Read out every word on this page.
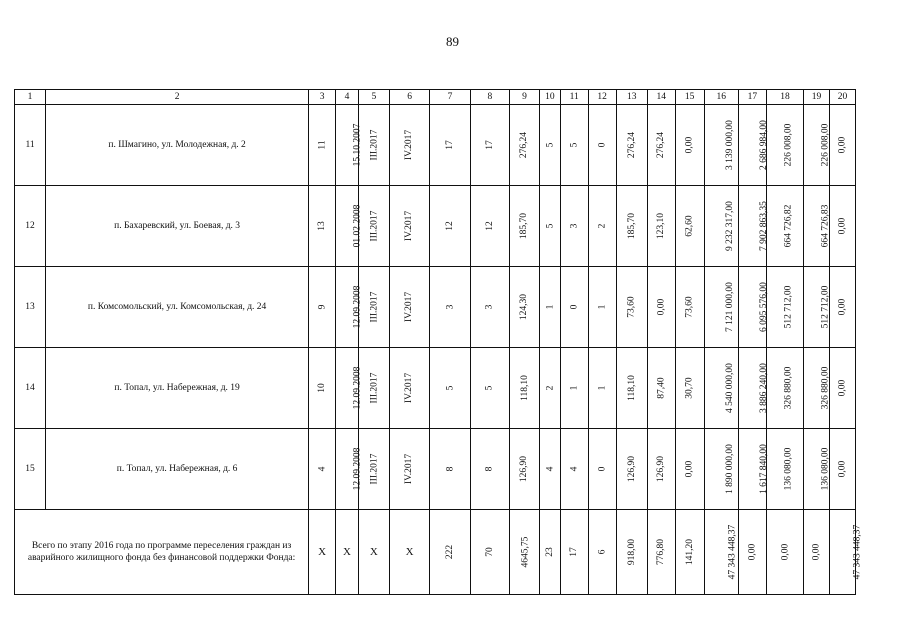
89
1	2	3	4	5	6	7	8	9	10	11	12	13	14	15	16	17	18	19	20
11	п. Шмагино, ул. Молодежная, д. 2	11	15.10.2007	III.2017	IV.2017	17	17	276,24	5	5	0	276,24	276,24	0,00	3 139 000,00	2 686 984,00	226 008,00	226 008,00	0,00
12	п. Бахаревский, ул. Боевая, д. 3	13	01.02.2008	III.2017	IV.2017	12	12	185,70	5	3	2	185,70	123,10	62,60	9 232 317,00	7 902 863,35	664 726,82	664 726,83	0,00
13	п. Комсомольский, ул. Комсомольская, д. 24	9	12.09.2008	III.2017	IV.2017	3	3	124,30	1	0	1	73,60	0,00	73,60	7 121 000,00	6 095 576,00	512 712,00	512 712,00	0,00
14	п. Топал, ул. Набережная, д. 19	10	12.09.2008	III.2017	IV.2017	5	5	118,10	2	1	1	118,10	87,40	30,70	4 540 000,00	3 886 240,00	326 880,00	326 880,00	0,00
15	п. Топал, ул. Набережная, д. 6	4	12.09.2008	III.2017	IV.2017	8	8	126,90	4	4	0	126,90	126,90	0,00	1 890 000,00	1 617 840,00	136 080,00	136 080,00	0,00
Всего по этапу 2016 года по программе переселения граждан из аварийного жилищного фонда без финансовой поддержки Фонда:		X	X	X	X	222	70	4645,75	23	17	6	918,00	776,80	141,20	47 343 448,37	0,00	0,00	0,00	47 343 448,37
